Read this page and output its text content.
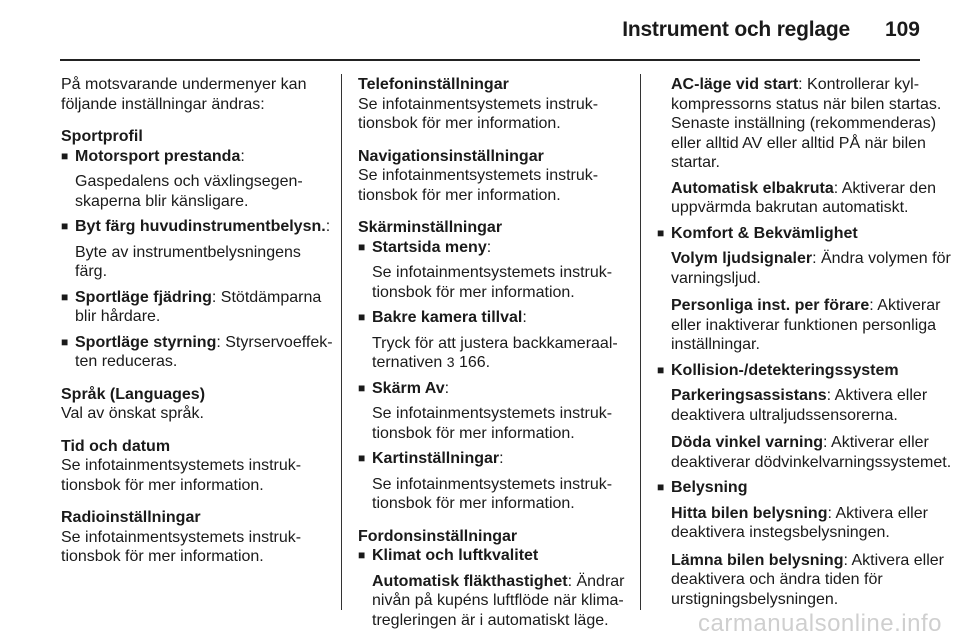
Instrument och reglage 109

På motsvarande undermenyer kan följande inställningar ändras:

Sportprofil

■ Motorsport prestanda:

Gaspedalens och växlingsegenskaperna blir känsligare.

■ Byt färg huvudinstrumentbelysn.:

Byte av instrumentbelysningens färg.

■ Sportläge fjädring: Stötdämparna blir hårdare.
■ Sportläge styrning: Styrservoeffekten reduceras.

Språk (Languages)

Val av önskat språk.

Tid och datum

Se infotainmentsystemets instruktionsbok för mer information.

Radioinställningar

Se infotainmentsystemets instruktionsbok för mer information.

Telefoninställningar

Se infotainmentsystemets instruktionsbok för mer information.

Navigationsinställningar

Se infotainmentsystemets instruktionsbok för mer information.

Skärminställningar

■ Startsida meny:

Se infotainmentsystemets instruktionsbok för mer information.

■ Bakre kamera tillval:

Tryck för att justera backkameraalternativen 3 166.

■ Skärm Av:

Se infotainmentsystemets instruktionsbok för mer information.

■ Kartinställningar:

Se infotainmentsystemets instruktionsbok för mer information.

Fordonsinställningar

■ Klimat och luftkvalitet

Automatisk fläkthastighet: Ändrar nivån på kupéns luftflöde när klimatregleringen är i automatiskt läge.

AC-läge vid start: Kontrollerar kylkompressorns status när bilen startas. Senaste inställning (rekommenderas) eller alltid AV eller alltid PÅ när bilen startar.

Automatisk elbakruta: Aktiverar den uppvärmda bakrutan automatiskt.

■ Komfort & Bekvämlighet

Volym ljudsignaler: Ändra volymen för varningsljud.

Personliga inst. per förare: Aktiverar eller inaktiverar funktionen personliga inställningar.

■ Kollision-/detekteringssystem

Parkeringsassistans: Aktivera eller deaktivera ultraljudssensorerna.

Döda vinkel varning: Aktiverar eller deaktiverar dödvinkelvarningssystemet.

■ Belysning

Hitta bilen belysning: Aktivera eller deaktivera instegsbelysningen.

Lämna bilen belysning: Aktivera eller deaktivera och ändra tiden för urstigningsbelysningen.

carmanualsonline.info
